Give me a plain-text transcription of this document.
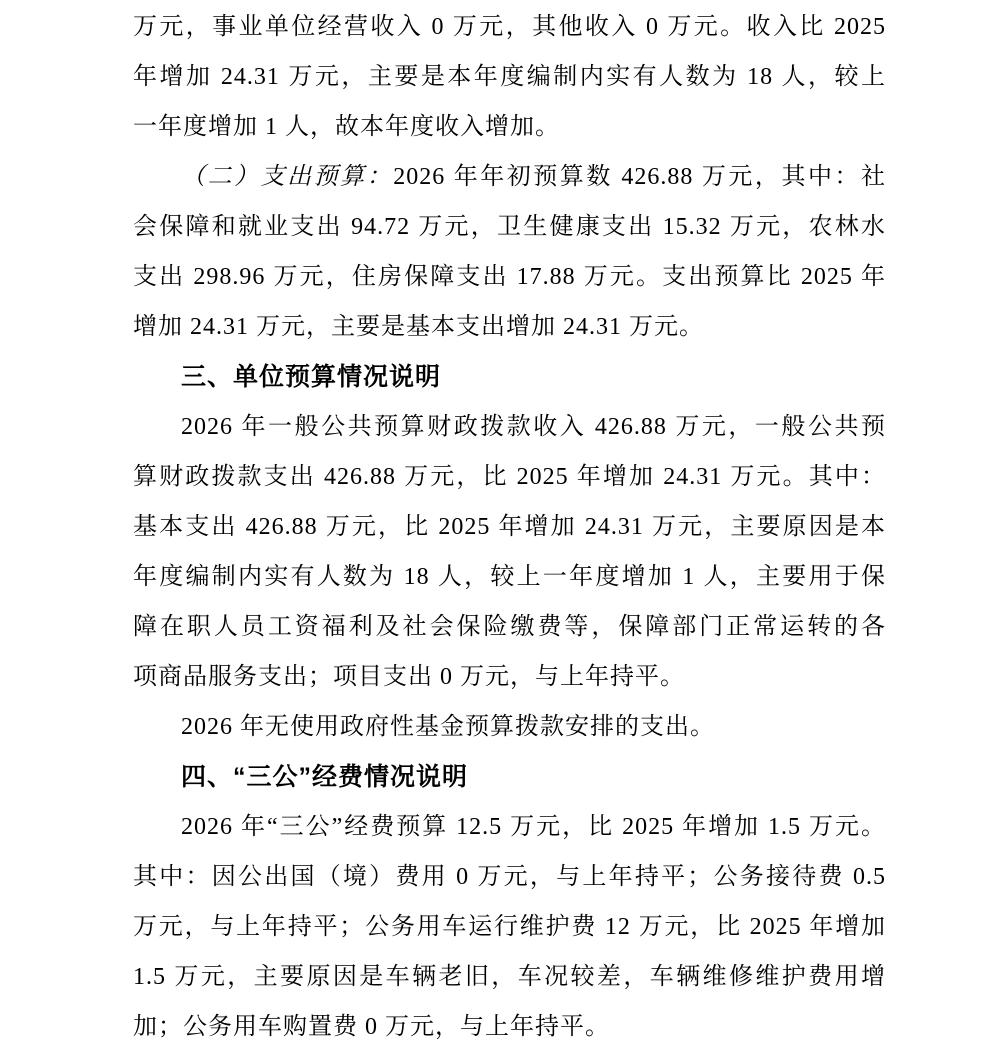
万元，事业单位经营收入 0 万元，其他收入 0 万元。收入比 2025
年增加 24.31 万元，主要是本年度编制内实有人数为 18 人，较上
一年度增加 1 人，故本年度收入增加。
（二）支出预算：2026 年年初预算数 426.88 万元，其中：社
会保障和就业支出 94.72 万元，卫生健康支出 15.32 万元，农林水
支出 298.96 万元，住房保障支出 17.88 万元。支出预算比 2025 年
增加 24.31 万元，主要是基本支出增加 24.31 万元。
三、单位预算情况说明
2026 年一般公共预算财政拨款收入 426.88 万元，一般公共预
算财政拨款支出 426.88 万元，比 2025 年增加 24.31 万元。其中：
基本支出 426.88 万元，比 2025 年增加 24.31 万元，主要原因是本
年度编制内实有人数为 18 人，较上一年度增加 1 人，主要用于保
障在职人员工资福利及社会保险缴费等，保障部门正常运转的各
项商品服务支出；项目支出 0 万元，与上年持平。
2026 年无使用政府性基金预算拨款安排的支出。
四、“三公”经费情况说明
2026 年“三公”经费预算 12.5 万元，比 2025 年增加 1.5 万元。
其中：因公出国（境）费用 0 万元，与上年持平；公务接待费 0.5
万元，与上年持平；公务用车运行维护费 12 万元，比 2025 年增加
1.5 万元，主要原因是车辆老旧，车况较差，车辆维修维护费用增
加；公务用车购置费 0 万元，与上年持平。
